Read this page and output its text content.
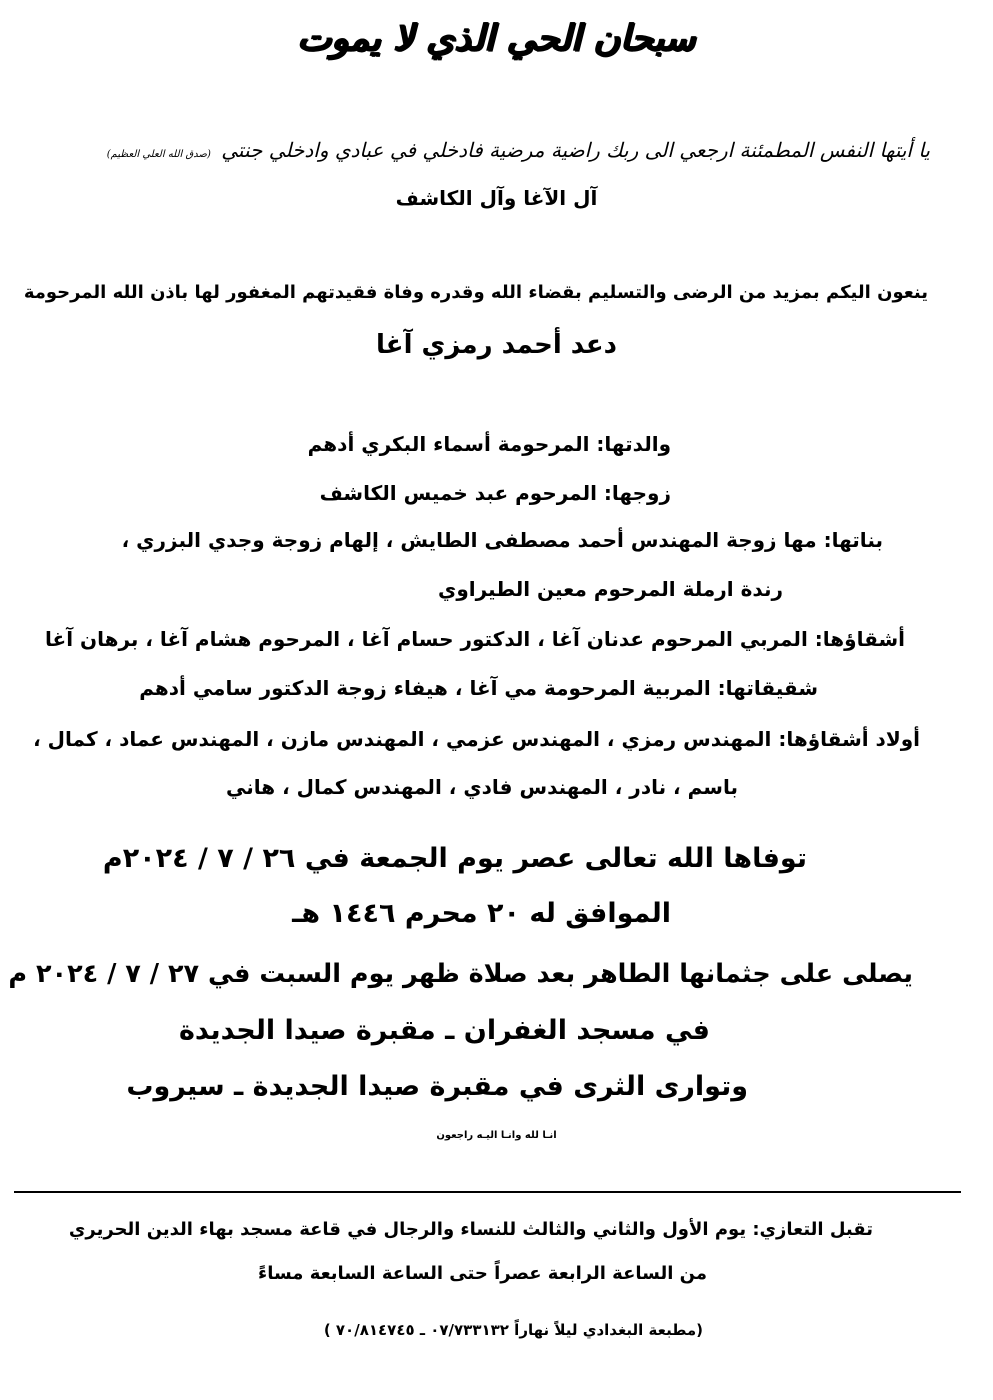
سبحان الحي الذي لا يموت
يا أيتها النفس المطمئنة ارجعي الى ربك راضية مرضية فادخلي في عبادي وادخلي جنتي (صدق الله العلي العظيم)
آل الآغا وآل الكاشف
ينعون اليكم بمزيد من الرضى والتسليم بقضاء الله وقدره وفاة فقيدتهم المغفور لها باذن الله المرحومة
دعد أحمد رمزي آغا
والدتها: المرحومة أسماء البكري أدهم
زوجها: المرحوم عبد خميس الكاشف
بناتها: مها زوجة المهندس أحمد مصطفى الطايش ، إلهام زوجة وجدي البزري ،
رندة ارملة المرحوم معين الطيراوي
أشقاؤها: المربي المرحوم عدنان آغا ، الدكتور حسام آغا ، المرحوم هشام آغا ، برهان آغا
شقيقاتها: المربية المرحومة مي آغا ، هيفاء زوجة الدكتور سامي أدهم
أولاد أشقاؤها: المهندس رمزي ، المهندس عزمي ، المهندس مازن ، المهندس عماد ، كمال ،
باسم ، نادر ، المهندس فادي ، المهندس كمال ، هاني
توفاها الله تعالى عصر يوم الجمعة في ٢٦ / ٧ / ٢٠٢٤م
الموافق له ٢٠ محرم ١٤٤٦ هـ
يصلى على جثمانها الطاهر بعد صلاة ظهر يوم السبت في ٢٧ / ٧ / ٢٠٢٤ م
في مسجد الغفران ـ مقبرة صيدا الجديدة
وتوارى الثرى في مقبرة صيدا الجديدة ـ سيروب
انـا لله وانـا اليـه راجعون
تقبل التعازي: يوم الأول والثاني والثالث للنساء والرجال في قاعة مسجد بهاء الدين الحريري
من الساعة الرابعة عصراً حتى الساعة السابعة مساءً
(مطبعة البغدادي ليلاً نهاراً ٠٧/٧٣٣١٣٢ ـ ٧٠/٨١٤٧٤٥ )
